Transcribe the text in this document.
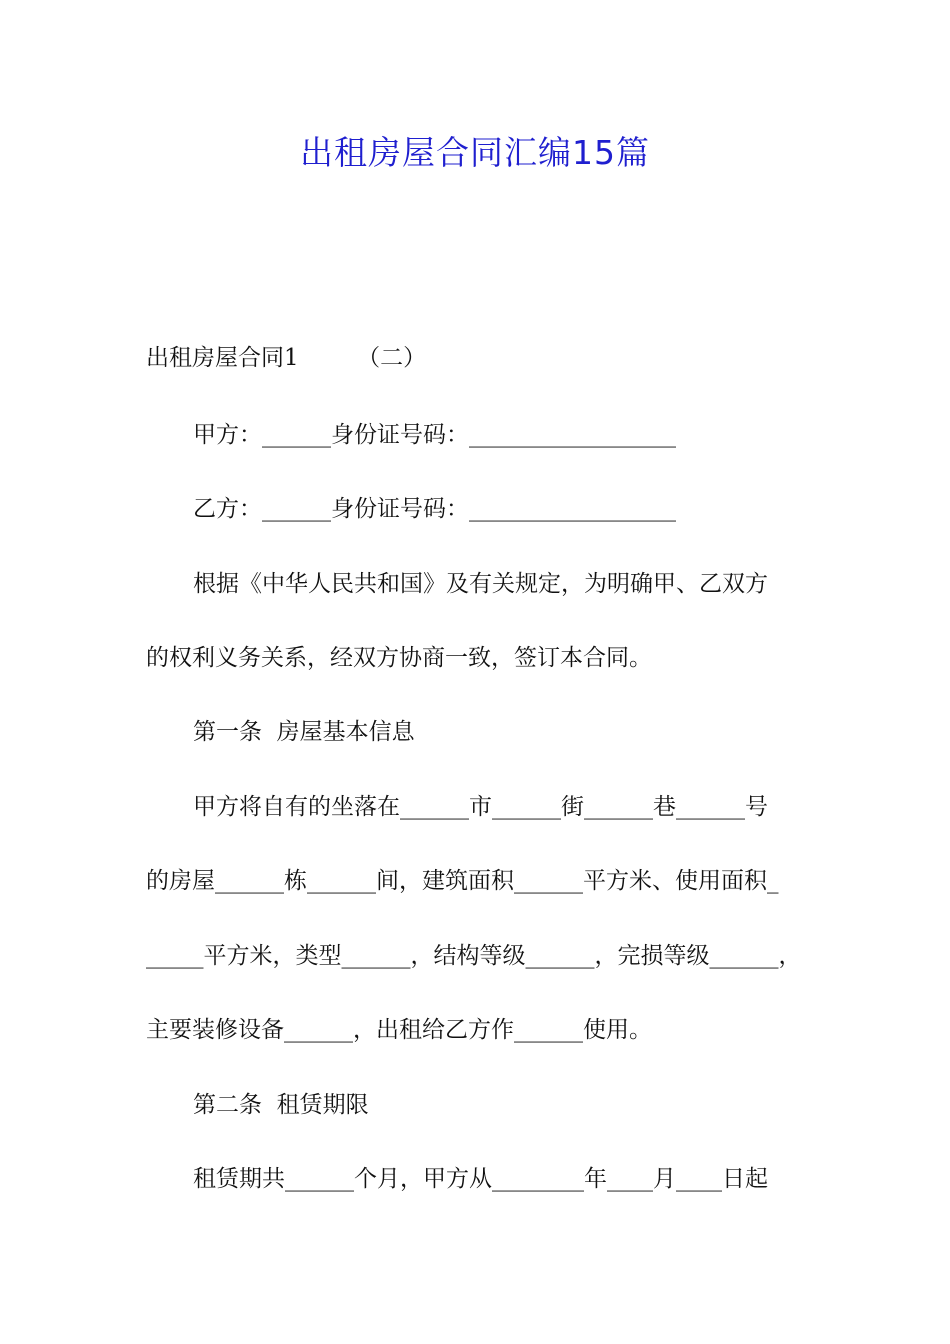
出租房屋合同汇编15篇

出租房屋合同1        （二）

甲方：______身份证号码：__________________

乙方：______身份证号码：__________________

根据《中华人民共和国》及有关规定，为明确甲、乙双方

的权利义务关系，经双方协商一致，签订本合同。

第一条  房屋基本信息

甲方将自有的坐落在______市______街______巷______号

的房屋______栋______间，建筑面积______平方米、使用面积_

_____平方米，类型______，结构等级______，完损等级______，

主要装修设备______，出租给乙方作______使用。

第二条  租赁期限

租赁期共______个月，甲方从________年____月____日起
